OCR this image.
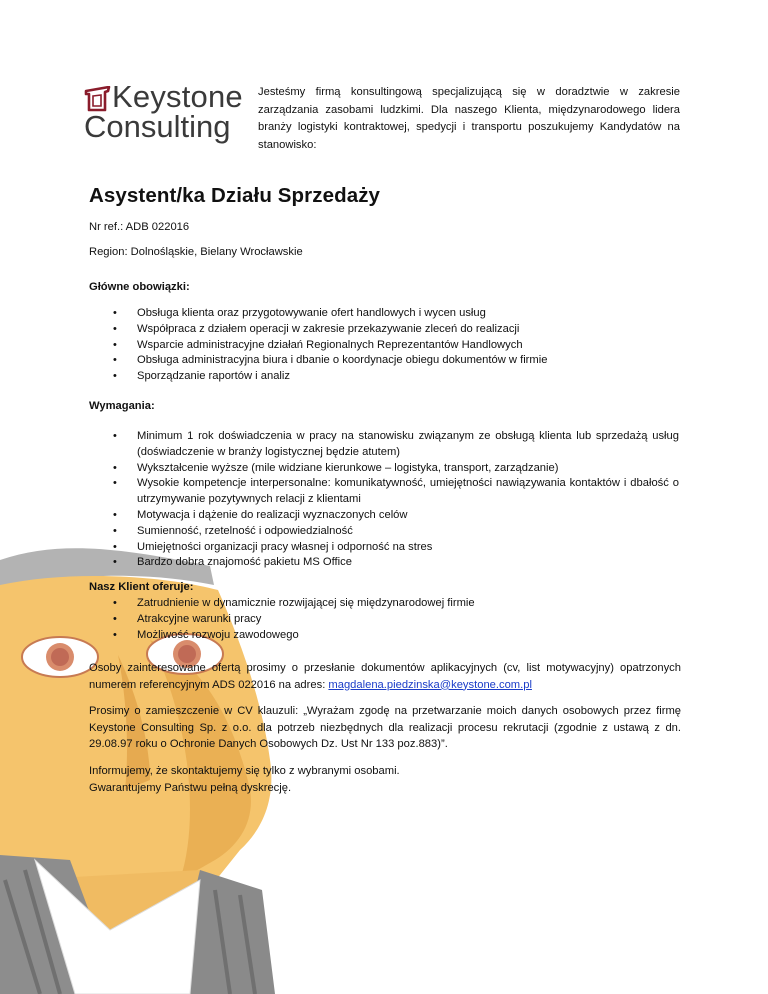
Keystone
Consulting
Jesteśmy firmą konsultingową specjalizującą się w doradztwie w zakresie zarządzania zasobami ludzkimi. Dla naszego Klienta, międzynarodowego lidera branży logistyki kontraktowej, spedycji i transportu poszukujemy Kandydatów na stanowisko:
Asystent/ka Działu Sprzedaży
Nr ref.: ADB 022016
Region: Dolnośląskie, Bielany Wrocławskie
Główne obowiązki:
• Obsługa klienta oraz przygotowywanie ofert handlowych i wycen usług
• Współpraca z działem operacji w zakresie przekazywanie zleceń do realizacji
• Wsparcie administracyjne działań Regionalnych Reprezentantów Handlowych
• Obsługa administracyjna biura i dbanie o koordynacje obiegu dokumentów w firmie
• Sporządzanie raportów i analiz
Wymagania:
• Minimum 1 rok doświadczenia w pracy na stanowisku związanym ze obsługą klienta lub sprzedażą usług (doświadczenie w branży logistycznej będzie atutem)
• Wykształcenie wyższe (mile widziane kierunkowe – logistyka, transport, zarządzanie)
• Wysokie kompetencje interpersonalne: komunikatywność, umiejętności nawiązywania kontaktów i dbałość o utrzymywanie pozytywnych relacji z klientami
• Motywacja i dążenie do realizacji wyznaczonych celów
• Sumienność, rzetelność i odpowiedzialność
• Umiejętności organizacji pracy własnej i odporność na stres
• Bardzo dobra znajomość pakietu MS Office
Nasz Klient oferuje:
• Zatrudnienie w dynamicznie rozwijającej się międzynarodowej firmie
• Atrakcyjne warunki pracy
• Możliwość rozwoju zawodowego
Osoby zainteresowane ofertą prosimy o przesłanie dokumentów aplikacyjnych (cv, list motywacyjny) opatrzonych numerem referencyjnym ADS 022016 na adres: magdalena.piedzinska@keystone.com.pl
Prosimy o zamieszczenie w CV klauzuli: „Wyrażam zgodę na przetwarzanie moich danych osobowych przez firmę Keystone Consulting Sp. z o.o. dla potrzeb niezbędnych dla realizacji procesu rekrutacji (zgodnie z ustawą z dn. 29.08.97 roku o Ochronie Danych Osobowych Dz. Ust Nr 133 poz.883)”.
Informujemy, że skontaktujemy się tylko z wybranymi osobami.
Gwarantujemy Państwu pełną dyskrecję.
